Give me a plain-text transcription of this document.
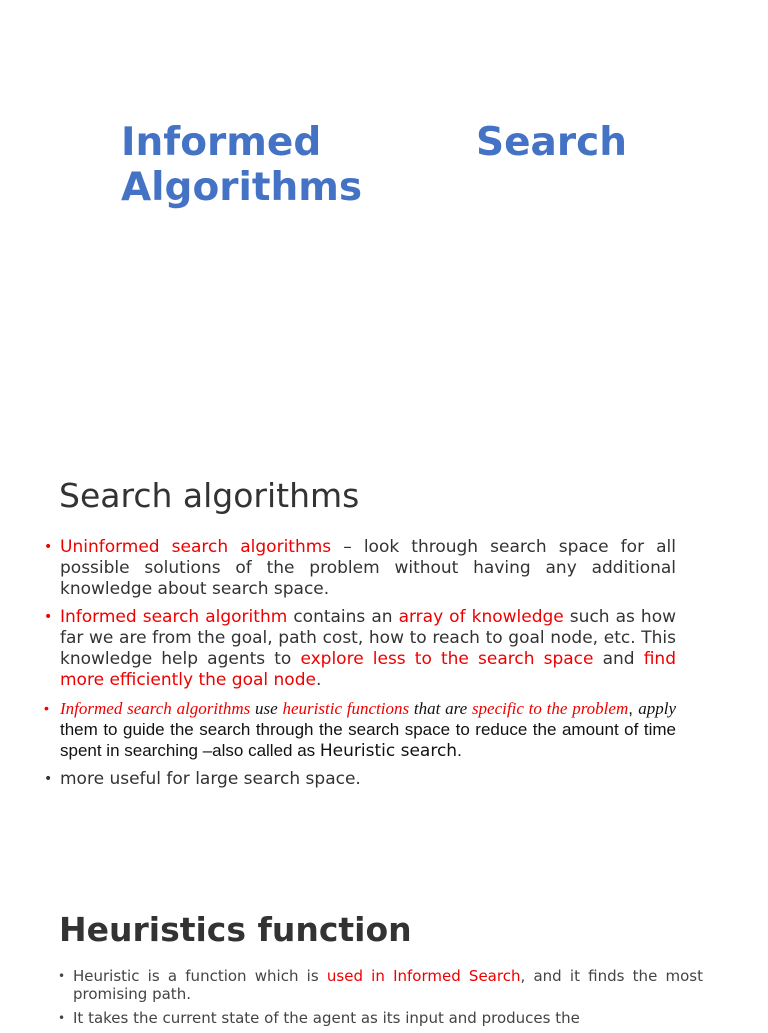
Informed	Search
Algorithms
Search algorithms
• Uninformed search algorithms – look through search space for all possible solutions of the problem without having any additional knowledge about search space.
• Informed search algorithm contains an array of knowledge such as how far we are from the goal, path cost, how to reach to goal node, etc. This knowledge help agents to explore less to the search space and find more efficiently the goal node.
• Informed search algorithms use heuristic functions that are specific to the problem, apply them to guide the search through the search space to reduce the amount of time spent in searching –also called as Heuristic search.
• more useful for large search space.
Heuristics function
• Heuristic is a function which is used in Informed Search, and it finds the most promising path.
• It takes the current state of the agent as its input and produces the
